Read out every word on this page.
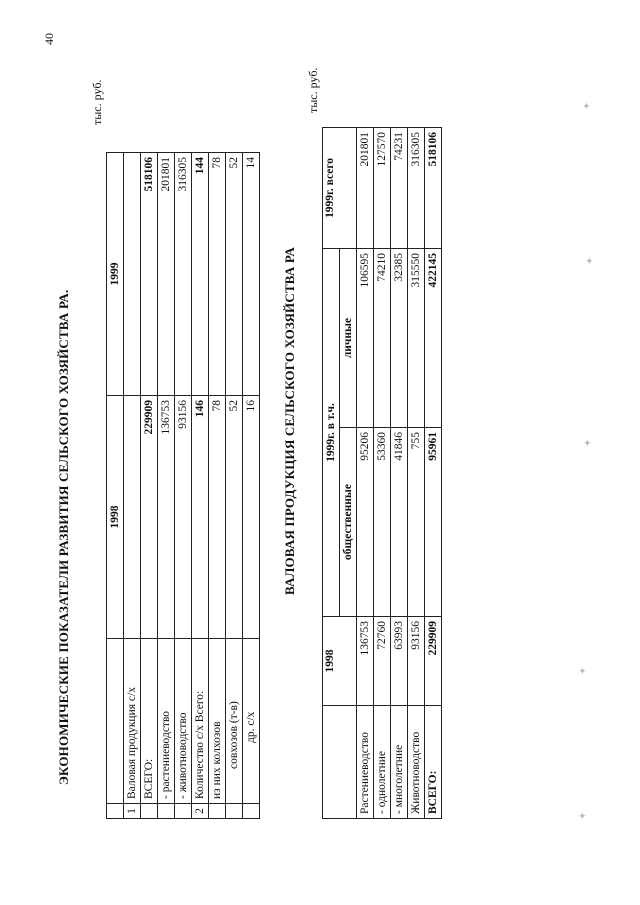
40
ЭКОНОМИЧЕСКИЕ ПОКАЗАТЕЛИ РАЗВИТИЯ СЕЛЬСКОГО ХОЗЯЙСТВА РА.
тыс. руб.
		1998	1999
1	Валовая продукция с/х		
	ВСЕГО:	229909	518106
	- растениеводство	136753	201801
	- животноводство	93156	316305
2	Количество с/х Всего:	146	144
	из них колхозов	78	78
	совхозов (т-в)	52	52
	др. с/х	16	14
ВАЛОВАЯ ПРОДУКЦИЯ СЕЛЬСКОГО ХОЗЯЙСТВА РА
тыс. руб.
	1998	1999г. в т.ч.		1999г. всего
		общественные	личные	
Растениеводство	136753	95206	106595	201801
- однолетние	72760	53360	74210	127570
- многолетние	63993	41846	32385	74231
Животноводство	93156	755	315550	316305
ВСЕГО:	229909	95961	422145	518106
✦
✦
✦
✦
✦
